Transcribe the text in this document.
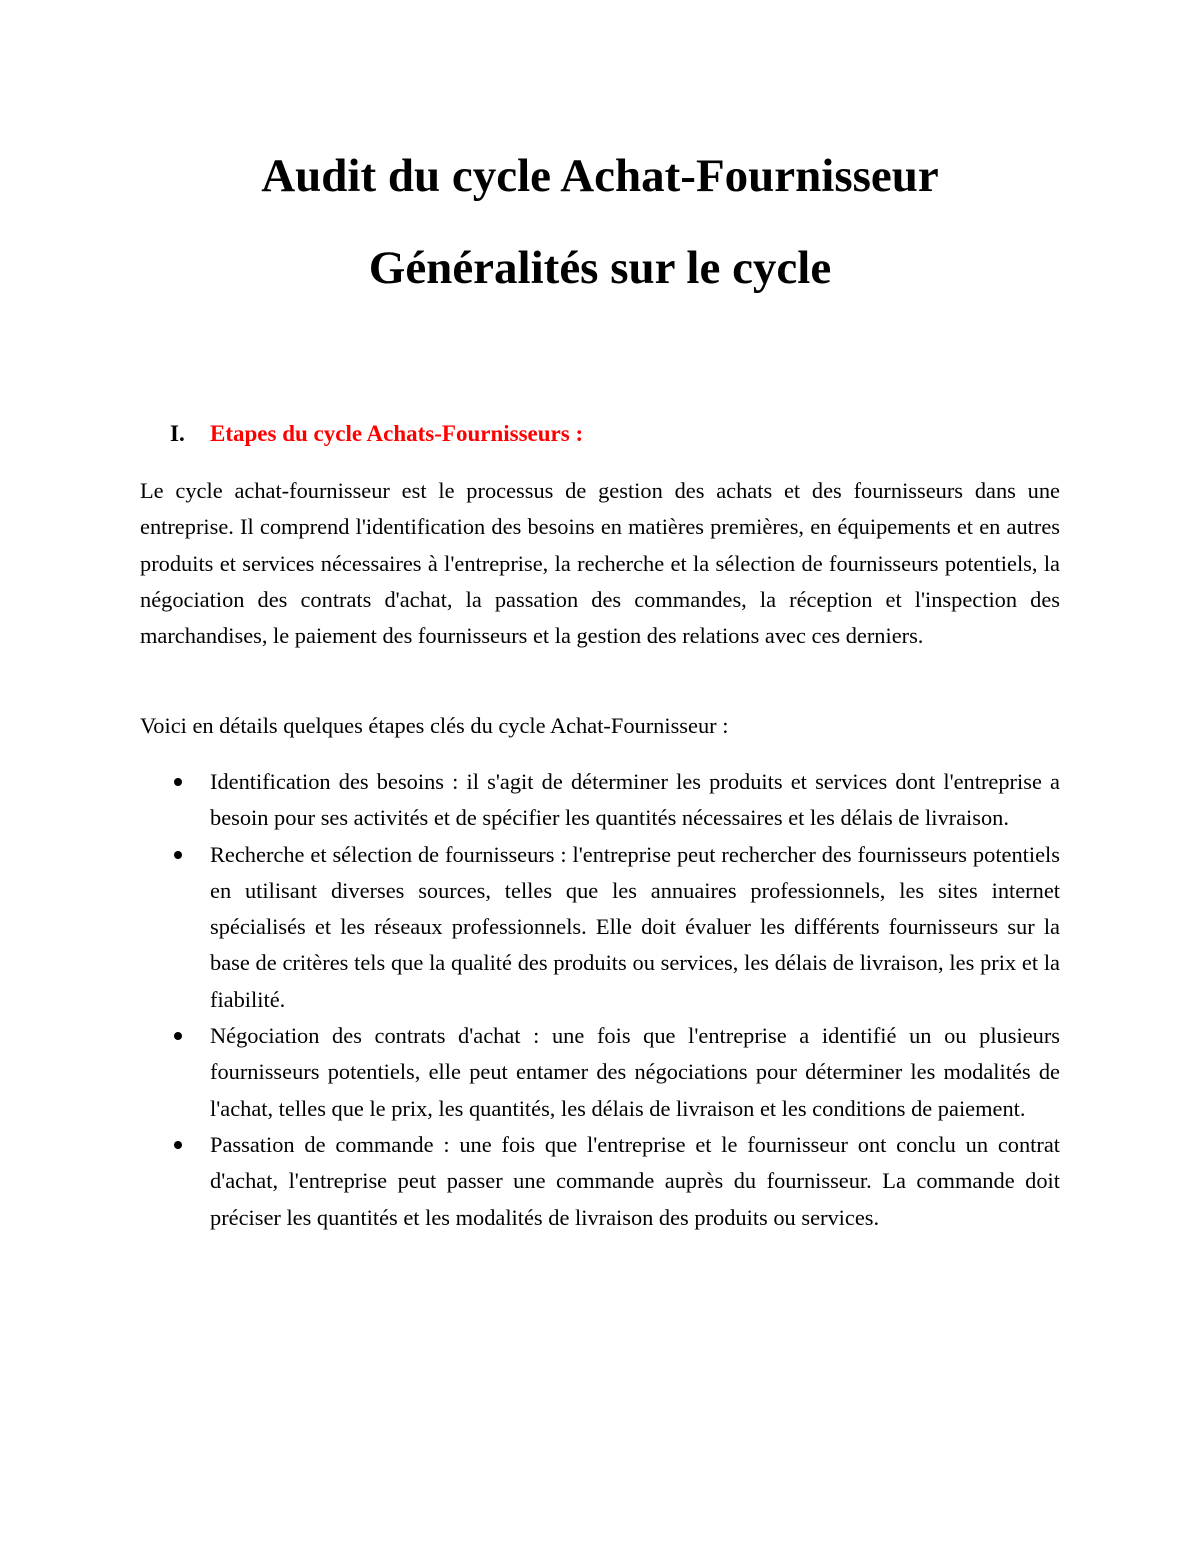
Audit du cycle Achat-Fournisseur
Généralités sur le cycle
I. Etapes du cycle Achats-Fournisseurs :

Le cycle achat-fournisseur est le processus de gestion des achats et des fournisseurs dans une entreprise. Il comprend l'identification des besoins en matières premières, en équipements et en autres produits et services nécessaires à l'entreprise, la recherche et la sélection de fournisseurs potentiels, la négociation des contrats d'achat, la passation des commandes, la réception et l'inspection des marchandises, le paiement des fournisseurs et la gestion des relations avec ces derniers.

Voici en détails quelques étapes clés du cycle Achat-Fournisseur :

Identification des besoins : il s'agit de déterminer les produits et services dont l'entreprise a besoin pour ses activités et de spécifier les quantités nécessaires et les délais de livraison.
Recherche et sélection de fournisseurs : l'entreprise peut rechercher des fournisseurs potentiels en utilisant diverses sources, telles que les annuaires professionnels, les sites internet spécialisés et les réseaux professionnels. Elle doit évaluer les différents fournisseurs sur la base de critères tels que la qualité des produits ou services, les délais de livraison, les prix et la fiabilité.
Négociation des contrats d'achat : une fois que l'entreprise a identifié un ou plusieurs fournisseurs potentiels, elle peut entamer des négociations pour déterminer les modalités de l'achat, telles que le prix, les quantités, les délais de livraison et les conditions de paiement.
Passation de commande : une fois que l'entreprise et le fournisseur ont conclu un contrat d'achat, l'entreprise peut passer une commande auprès du fournisseur. La commande doit préciser les quantités et les modalités de livraison des produits ou services.
